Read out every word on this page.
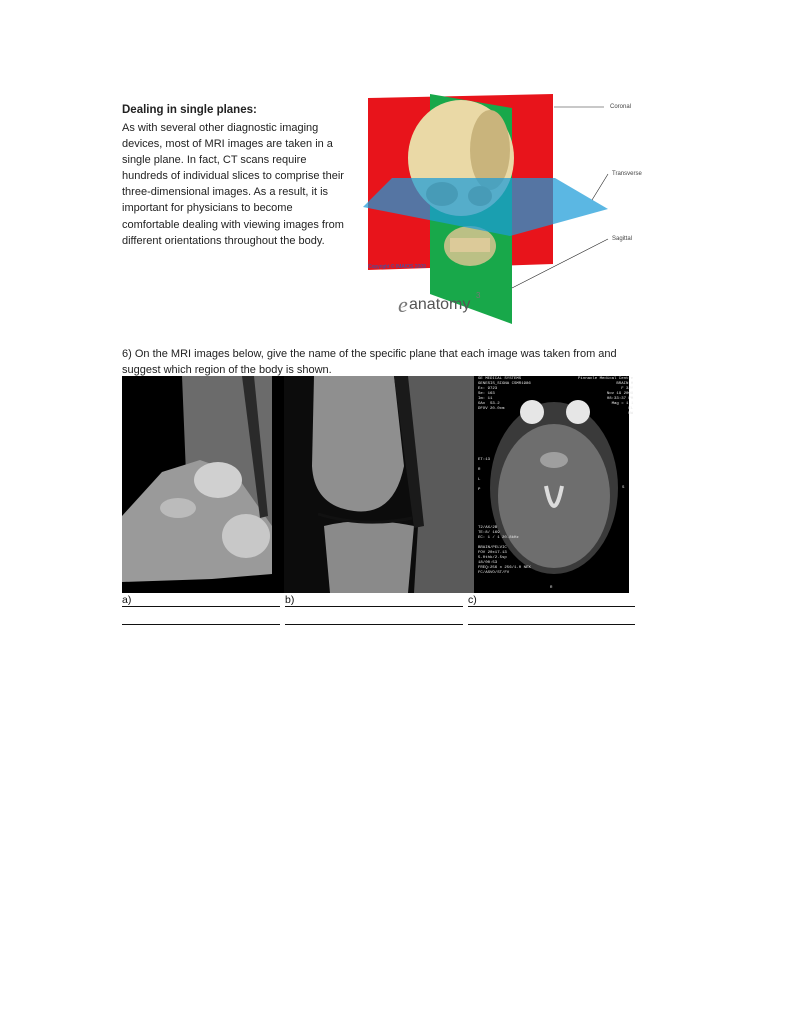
Dealing in single planes:

As with several other diagnostic imaging devices, most of MRI images are taken in a single plane. In fact, CT scans require hundreds of individual slices to comprise their three-dimensional images. As a result, it is important for physicians to become comfortable dealing with viewing images from different orientations throughout the body.

Coronal
Transverse
Sagittal
Copyright © IMAIOS 2009
e anatomy
3

6) On the MRI images below, give the name of the specific plane that each image was taken from and suggest which region of the body is shown.

GE MEDICAL SYSTEMS
GENESIS_SIGNA CSMR1986
Ex: 9723
Se: 163
Im: 11
OAx  S3.2
DFOV 20.0cm
Pinnacle Medical Centre
BRAIN H
F 32Y
Nov 19 2008
08:33:37 PM
Mag = 1.1
EL
WW
ET:13

R

L

P
T2/AX/2B
TE:8/ 169
EC: 1 / 1 20.8kHz

BRAIN/PELVIC
FOV 20x17.13
5.0thk/2.5sp
18/00:53
FREQ:256 x 256/1.0 NEX
FC/ASVO/ST/FV
R
S
a)	b)	c)
